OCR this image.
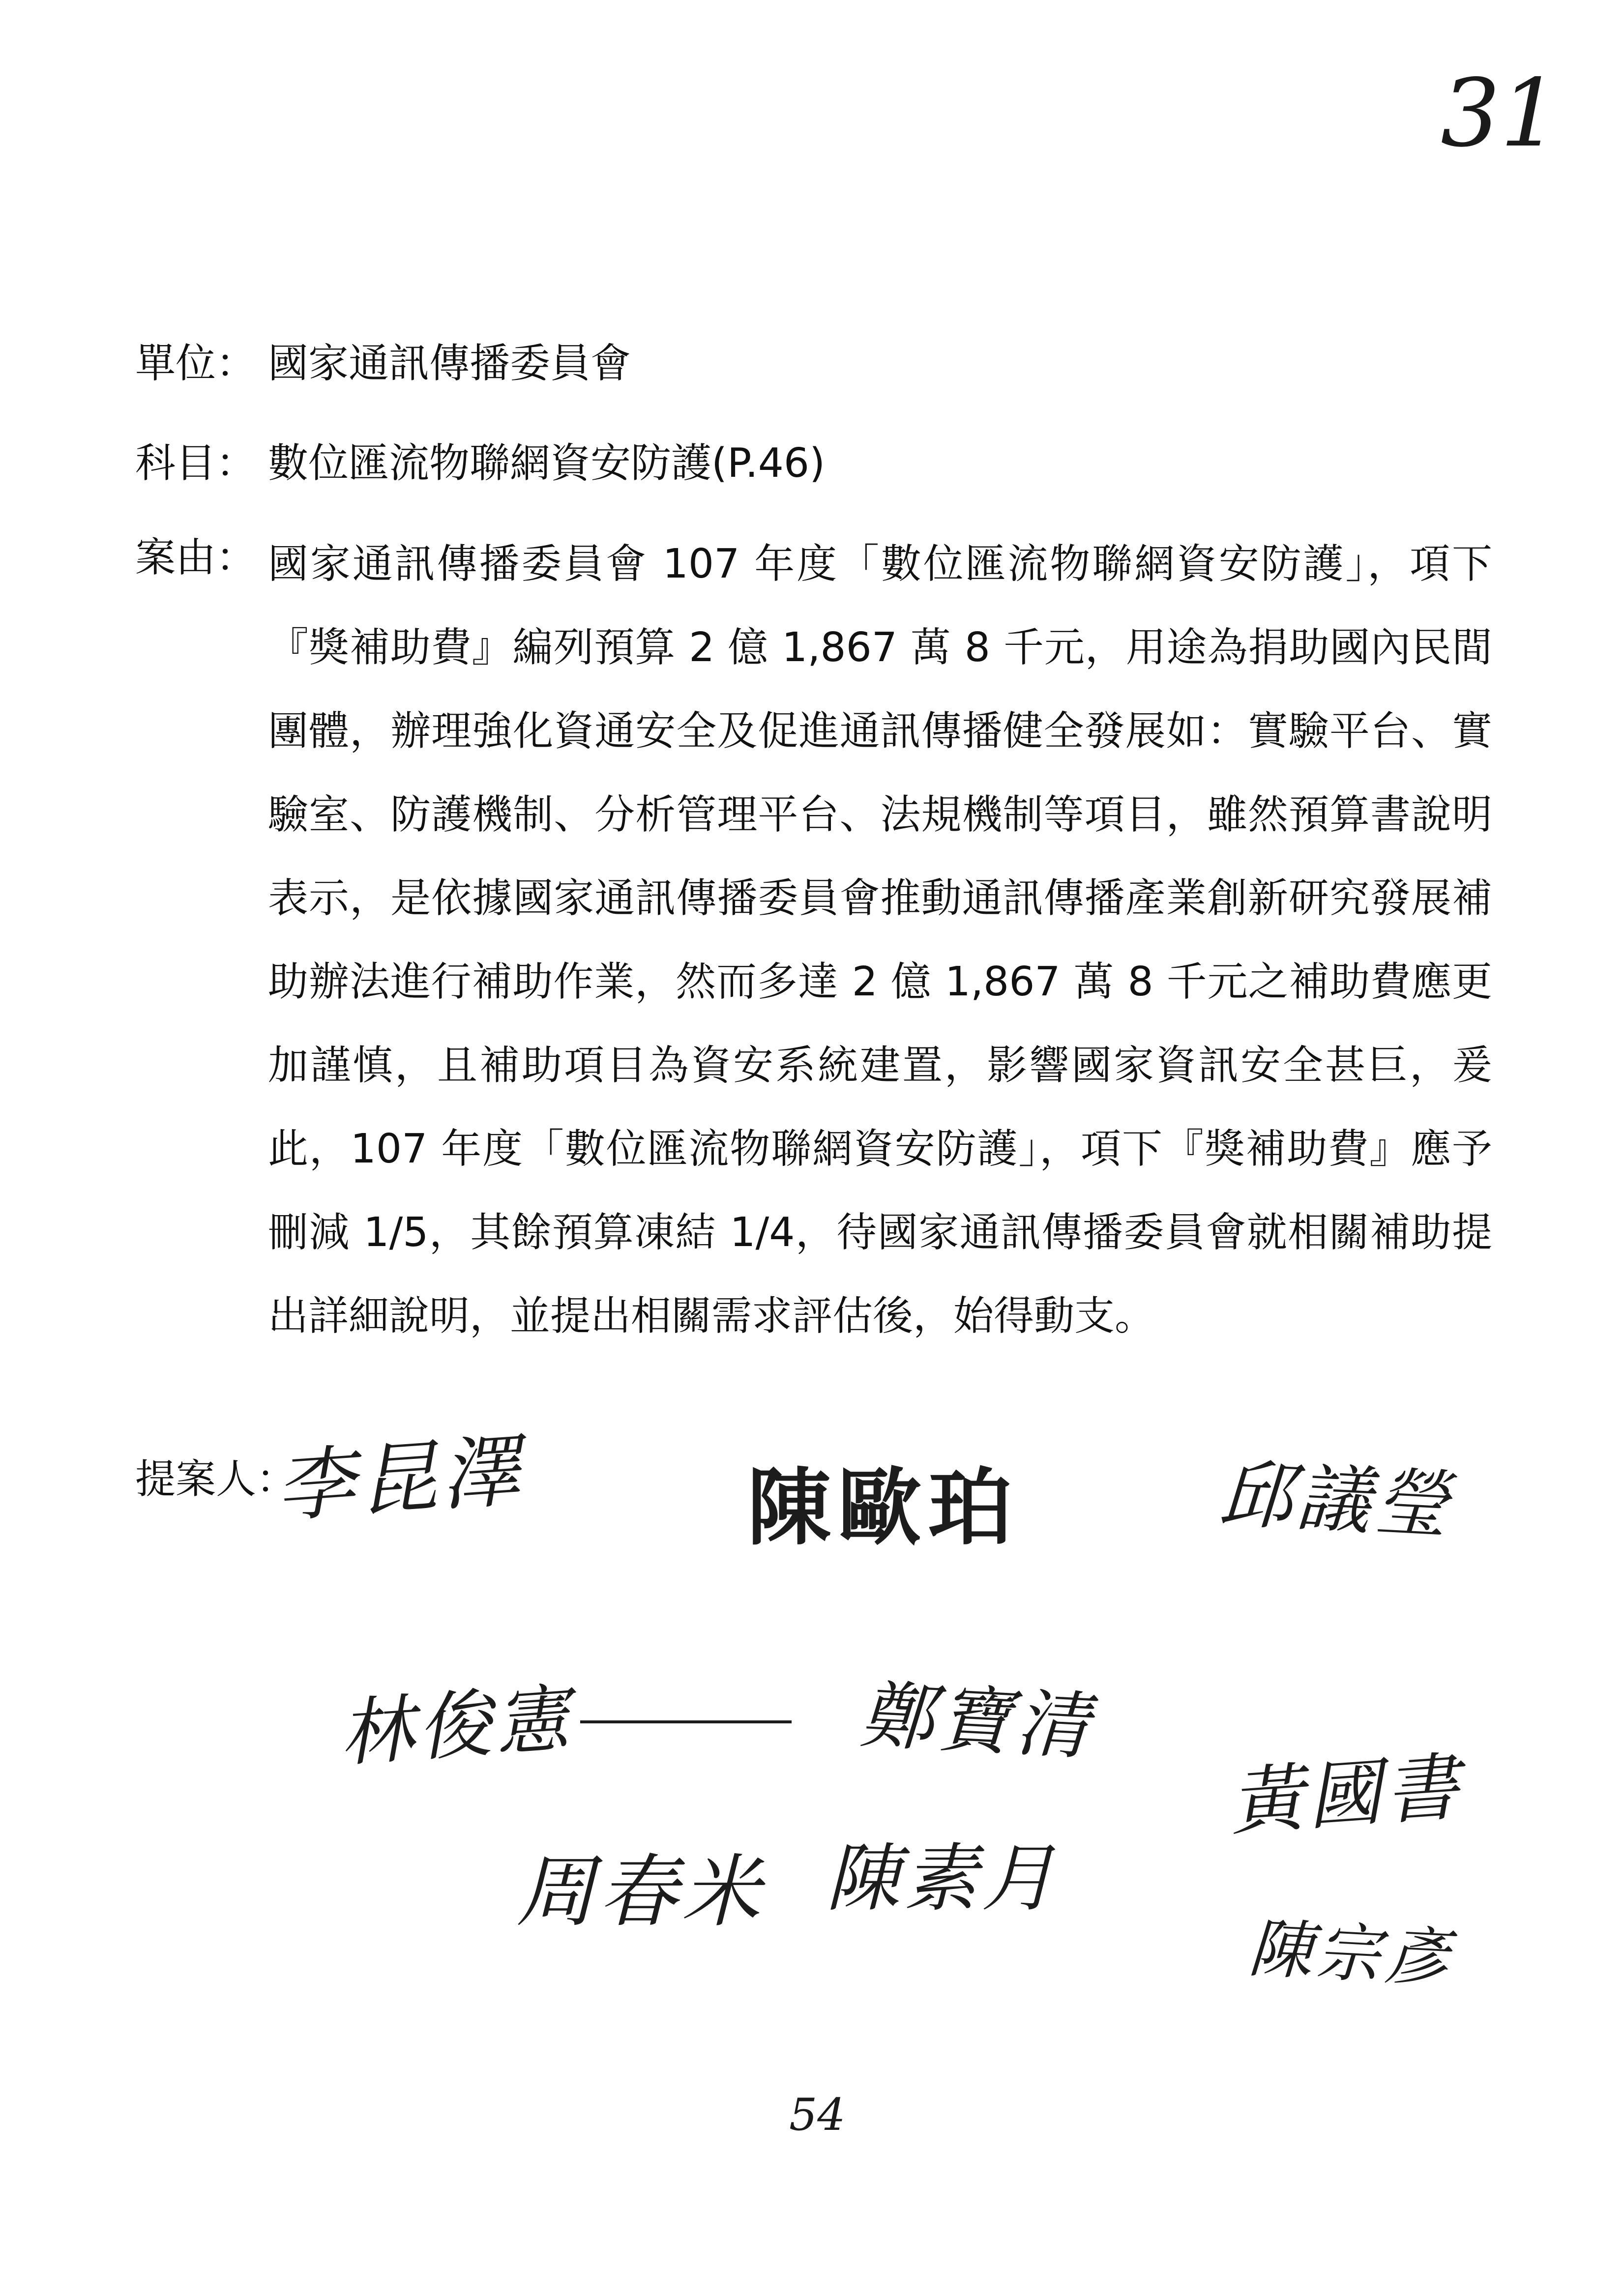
31
單位： 國家通訊傳播委員會
科目： 數位匯流物聯網資安防護(P.46)
案由： 國家通訊傳播委員會 107 年度「數位匯流物聯網資安防護」，項下『獎補助費』編列預算 2 億 1,867 萬 8 千元，用途為捐助國內民間團體，辦理強化資通安全及促進通訊傳播健全發展如：實驗平台、實驗室、防護機制、分析管理平台、法規機制等項目，雖然預算書說明表示，是依據國家通訊傳播委員會推動通訊傳播產業創新研究發展補助辦法進行補助作業，然而多達 2 億 1,867 萬 8 千元之補助費應更加謹慎，且補助項目為資安系統建置，影響國家資訊安全甚巨，爰此，107 年度「數位匯流物聯網資安防護」，項下『獎補助費』應予刪減 1/5，其餘預算凍結 1/4，待國家通訊傳播委員會就相關補助提出詳細說明，並提出相關需求評估後，始得動支。

提案人：
李昆澤	陳歐珀	邱議瑩
林俊憲	鄭寶清
周春米 陳素月
黃國書
陳宗彥
54
